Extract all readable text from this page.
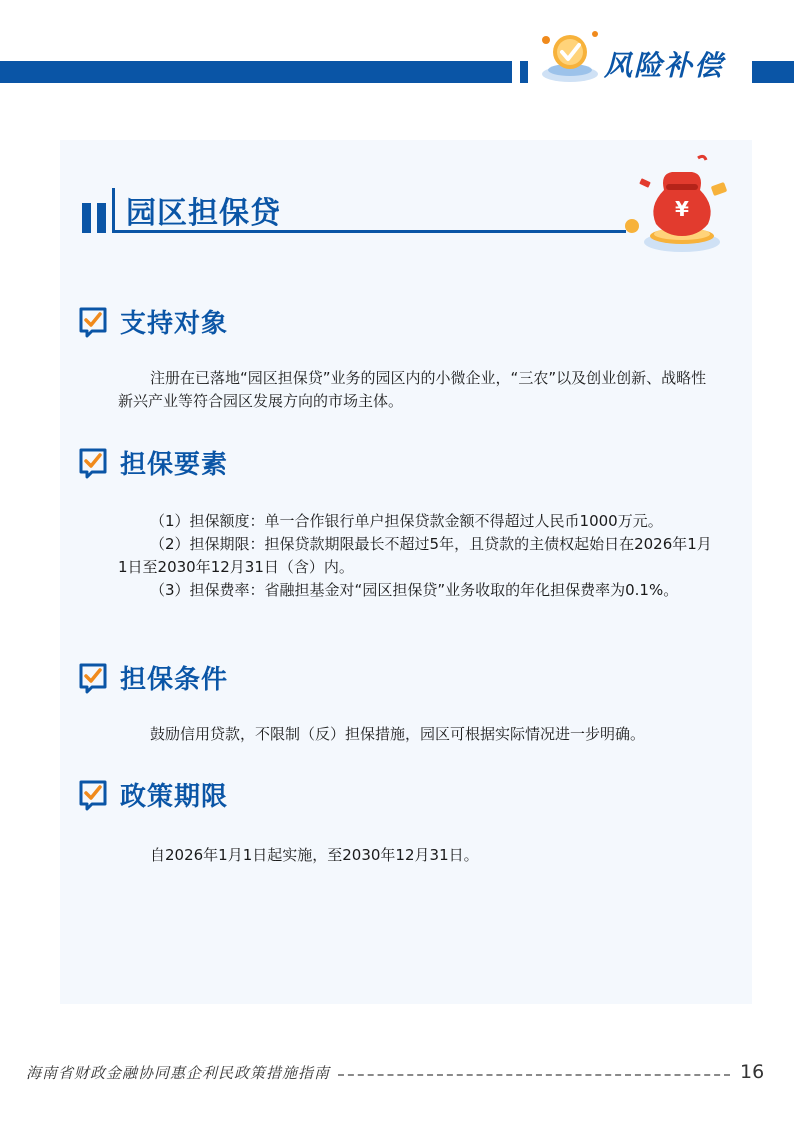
风险补偿
园区担保贷	¥
支持对象

注册在已落地“园区担保贷”业务的园区内的小微企业，“三农”以及创业创新、战略性新兴产业等符合园区发展方向的市场主体。

担保要素

（1）担保额度：单一合作银行单户担保贷款金额不得超过人民币1000万元。

（2）担保期限：担保贷款期限最长不超过5年，且贷款的主债权起始日在2026年1月1日至2030年12月31日（含）内。

（3）担保费率：省融担基金对“园区担保贷”业务收取的年化担保费率为0.1%。

担保条件

鼓励信用贷款，不限制（反）担保措施，园区可根据实际情况进一步明确。

政策期限

自2026年1月1日起实施，至2030年12月31日。

海南省财政金融协同惠企利民政策措施指南	16
